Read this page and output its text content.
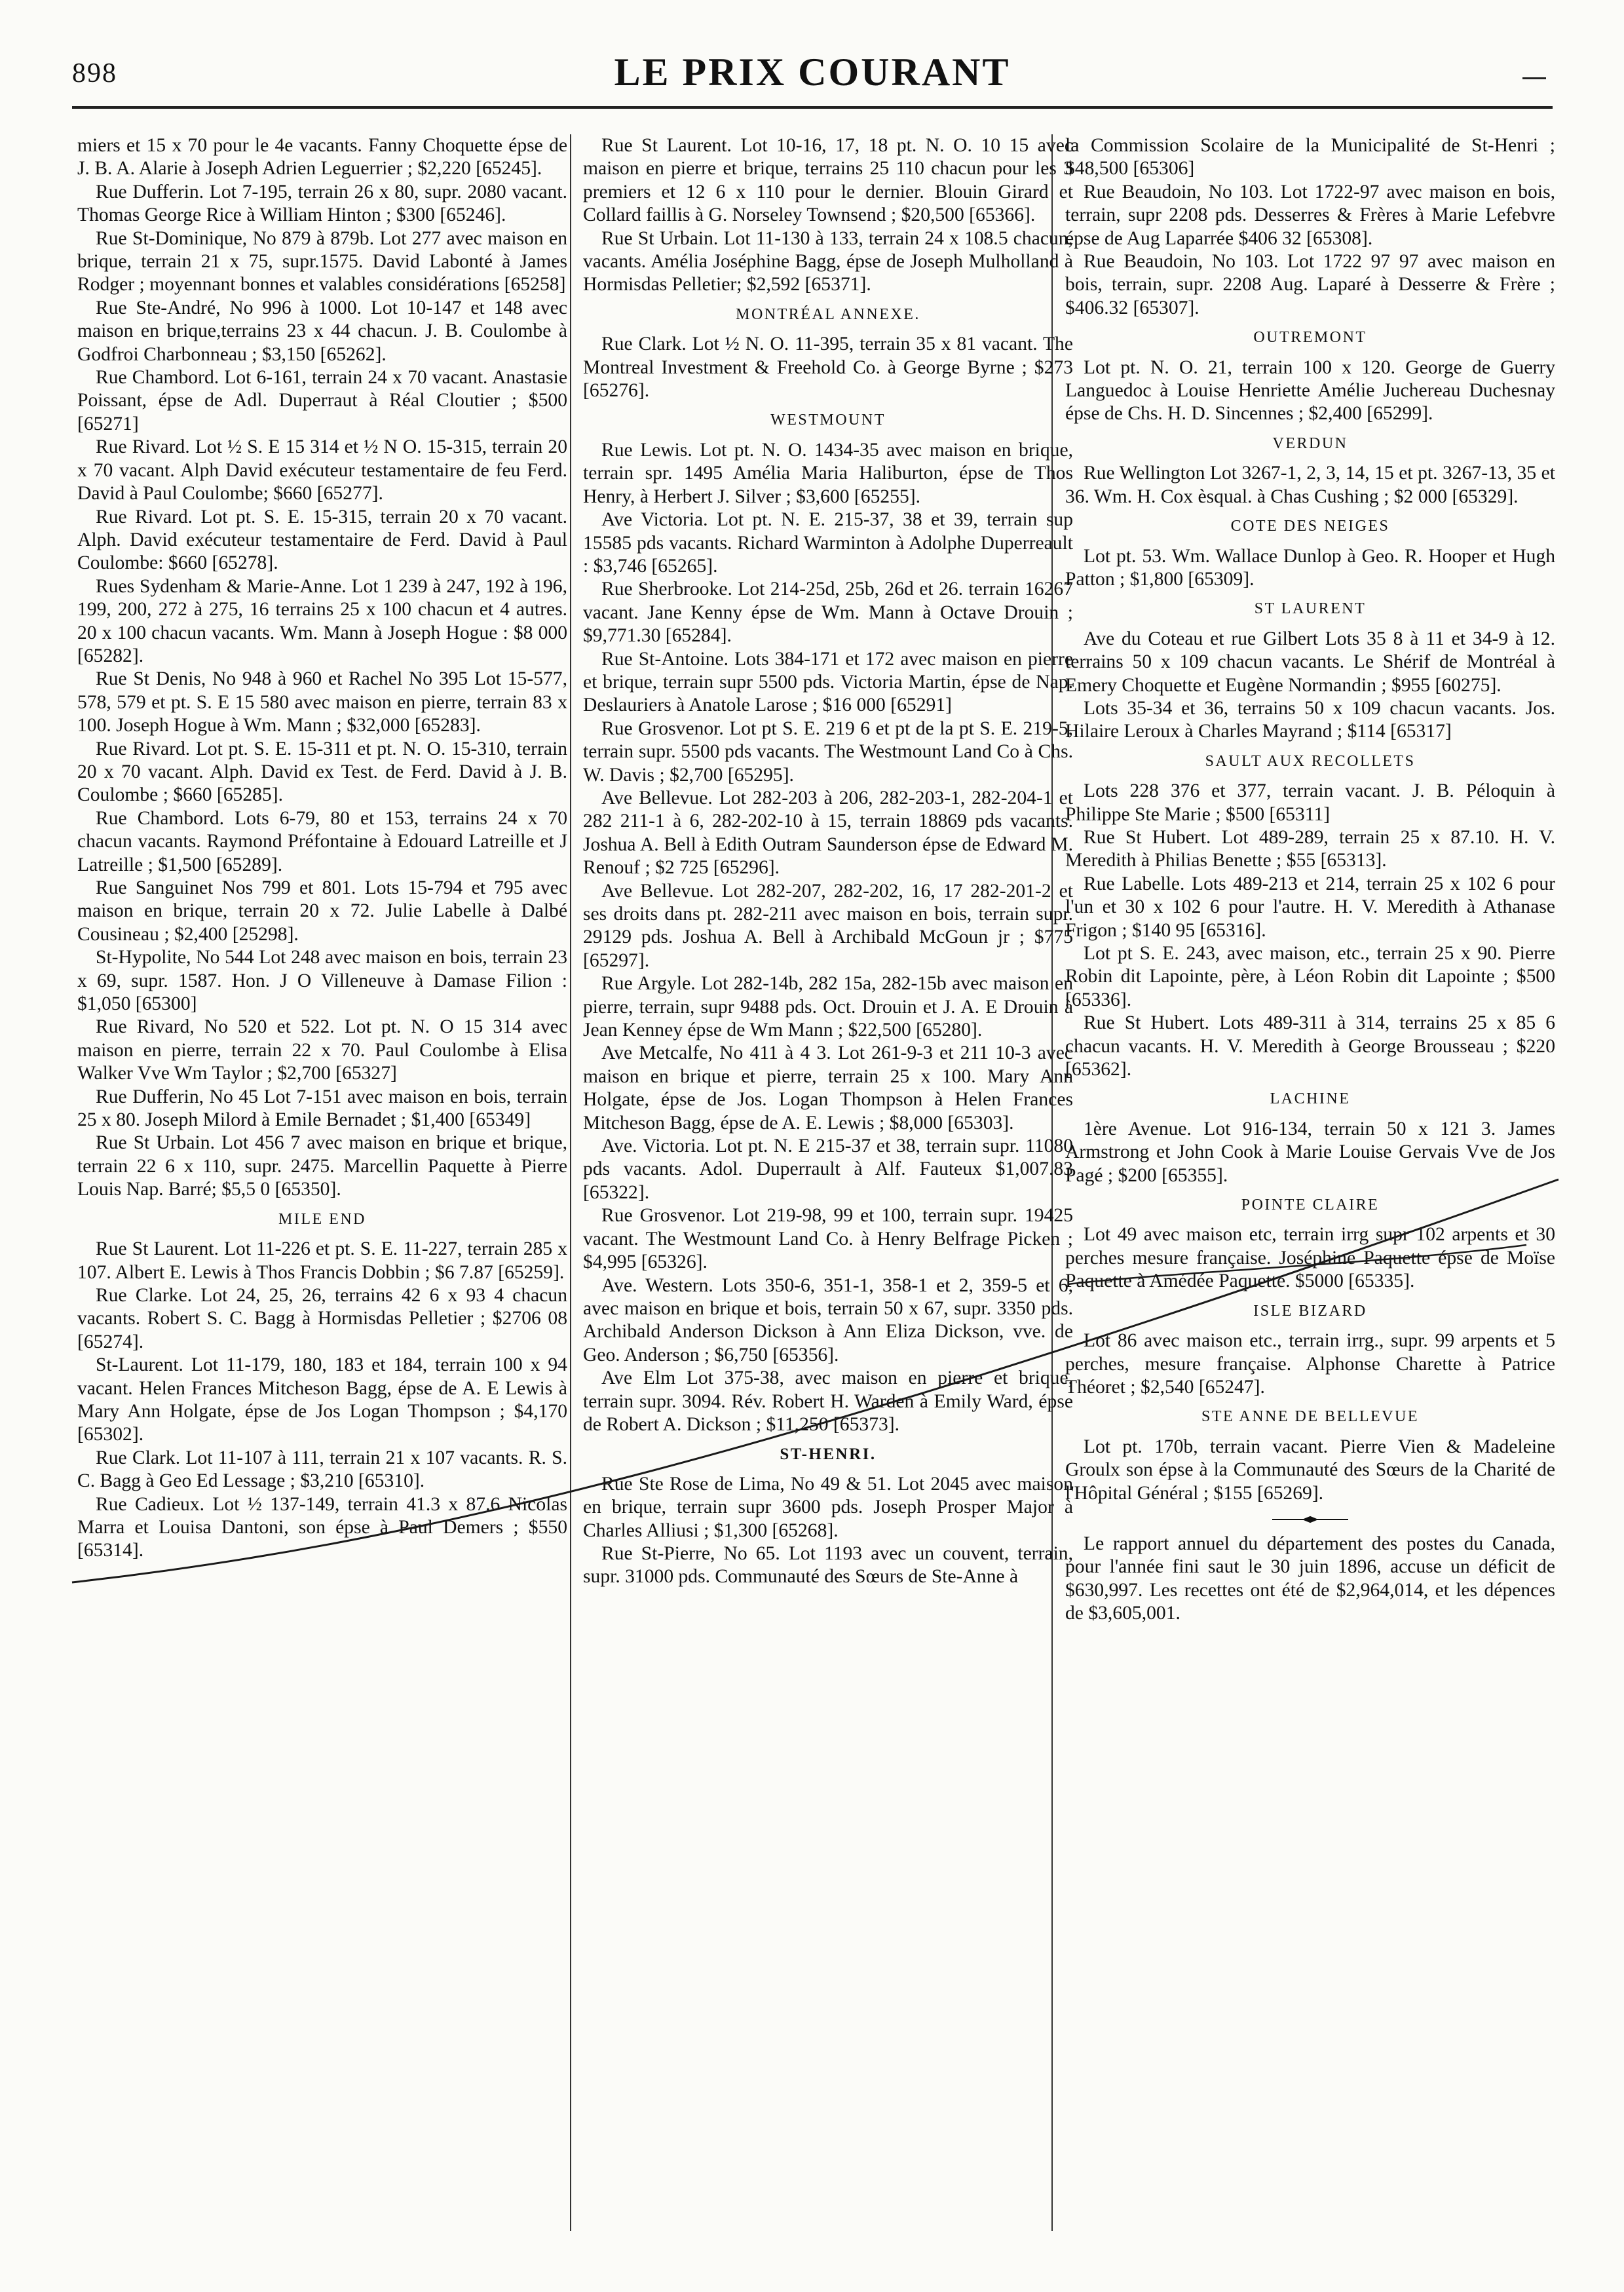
898	LE PRIX COURANT

miers et 15 x 70 pour le 4e vacants. Fanny Choquette épse de J. B. A. Alarie à Joseph Adrien Leguerrier ; $2,220 [65245].

Rue Dufferin. Lot 7-195, terrain 26 x 80, supr. 2080 vacant. Thomas George Rice à William Hinton ; $300 [65246].

Rue St-Dominique, No 879 à 879b. Lot 277 avec maison en brique, terrain 21 x 75, supr.1575. David Labonté à James Rodger ; moyennant bonnes et valables considérations [65258]

Rue Ste-André, No 996 à 1000. Lot 10-147 et 148 avec maison en brique,terrains 23 x 44 chacun. J. B. Coulombe à Godfroi Charbonneau ; $3,150 [65262].

Rue Chambord. Lot 6-161, terrain 24 x 70 vacant. Anastasie Poissant, épse de Adl. Duperraut à Réal Cloutier ; $500 [65271]

Rue Rivard. Lot ½ S. E 15 314 et ½ N O. 15-315, terrain 20 x 70 vacant. Alph David exécuteur testamentaire de feu Ferd. David à Paul Coulombe; $660 [65277].

Rue Rivard. Lot pt. S. E. 15-315, terrain 20 x 70 vacant. Alph. David exécuteur testamentaire de Ferd. David à Paul Coulombe: $660 [65278].

Rues Sydenham & Marie-Anne. Lot 1 239 à 247, 192 à 196, 199, 200, 272 à 275, 16 terrains 25 x 100 chacun et 4 autres. 20 x 100 chacun vacants. Wm. Mann à Joseph Hogue : $8 000 [65282].

Rue St Denis, No 948 à 960 et Rachel No 395 Lot 15-577, 578, 579 et pt. S. E 15 580 avec maison en pierre, terrain 83 x 100. Joseph Hogue à Wm. Mann ; $32,000 [65283].

Rue Rivard. Lot pt. S. E. 15-311 et pt. N. O. 15-310, terrain 20 x 70 vacant. Alph. David ex Test. de Ferd. David à J. B. Coulombe ; $660 [65285].

Rue Chambord. Lots 6-79, 80 et 153, terrains 24 x 70 chacun vacants. Raymond Préfontaine à Edouard Latreille et J Latreille ; $1,500 [65289].

Rue Sanguinet Nos 799 et 801. Lots 15-794 et 795 avec maison en brique, terrain 20 x 72. Julie Labelle à Dalbé Cousineau ; $2,400 [25298].

St-Hypolite, No 544 Lot 248 avec maison en bois, terrain 23 x 69, supr. 1587. Hon. J O Villeneuve à Damase Filion : $1,050 [65300]

Rue Rivard, No 520 et 522. Lot pt. N. O 15 314 avec maison en pierre, terrain 22 x 70. Paul Coulombe à Elisa Walker Vve Wm Taylor ; $2,700 [65327]

Rue Dufferin, No 45 Lot 7-151 avec maison en bois, terrain 25 x 80. Joseph Milord à Emile Bernadet ; $1,400 [65349]

Rue St Urbain. Lot 456 7 avec maison en brique et brique, terrain 22 6 x 110, supr. 2475. Marcellin Paquette à Pierre Louis Nap. Barré; $5,5 0 [65350].

MILE END

Rue St Laurent. Lot 11-226 et pt. S. E. 11-227, terrain 285 x 107. Albert E. Lewis à Thos Francis Dobbin ; $6 7.87 [65259].

Rue Clarke. Lot 24, 25, 26, terrains 42 6 x 93 4 chacun vacants. Robert S. C. Bagg à Hormisdas Pelletier ; $2706 08 [65274].

St-Laurent. Lot 11-179, 180, 183 et 184, terrain 100 x 94 vacant. Helen Frances Mitcheson Bagg, épse de A. E Lewis à Mary Ann Holgate, épse de Jos Logan Thompson ; $4,170 [65302].

Rue Clark. Lot 11-107 à 111, terrain 21 x 107 vacants. R. S. C. Bagg à Geo Ed Lessage ; $3,210 [65310].

Rue Cadieux. Lot ½ 137-149, terrain 41.3 x 87.6 Nicolas Marra et Louisa Dantoni, son épse à Paul Demers ; $550 [65314].

Rue St Laurent. Lot 10-16, 17, 18 pt. N. O. 10 15 avec maison en pierre et brique, terrains 25 110 chacun pour les 3 premiers et 12 6 x 110 pour le dernier. Blouin Girard et Collard faillis à G. Norseley Townsend ; $20,500 [65366].

Rue St Urbain. Lot 11-130 à 133, terrain 24 x 108.5 chacun, vacants. Amélia Joséphine Bagg, épse de Joseph Mulholland à Hormisdas Pelletier; $2,592 [65371].

MONTRÉAL ANNEXE.

Rue Clark. Lot ½ N. O. 11-395, terrain 35 x 81 vacant. The Montreal Investment & Freehold Co. à George Byrne ; $273 [65276].

WESTMOUNT

Rue Lewis. Lot pt. N. O. 1434-35 avec maison en brique, terrain spr. 1495 Amélia Maria Haliburton, épse de Thos Henry, à Herbert J. Silver ; $3,600 [65255].

Ave Victoria. Lot pt. N. E. 215-37, 38 et 39, terrain sup 15585 pds vacants. Richard Warminton à Adolphe Duperreault : $3,746 [65265].

Rue Sherbrooke. Lot 214-25d, 25b, 26d et 26. terrain 16267 vacant. Jane Kenny épse de Wm. Mann à Octave Drouin ; $9,771.30 [65284].

Rue St-Antoine. Lots 384-171 et 172 avec maison en pierre et brique, terrain supr 5500 pds. Victoria Martin, épse de Nap. Deslauriers à Anatole Larose ; $16 000 [65291]

Rue Grosvenor. Lot pt S. E. 219 6 et pt de la pt S. E. 219-5, terrain supr. 5500 pds vacants. The Westmount Land Co à Chs. W. Davis ; $2,700 [65295].

Ave Bellevue. Lot 282-203 à 206, 282-203-1, 282-204-1 et 282 211-1 à 6, 282-202-10 à 15, terrain 18869 pds vacants. Joshua A. Bell à Edith Outram Saunderson épse de Edward M. Renouf ; $2 725 [65296].

Ave Bellevue. Lot 282-207, 282-202, 16, 17 282-201-2 et ses droits dans pt. 282-211 avec maison en bois, terrain supr. 29129 pds. Joshua A. Bell à Archibald McGoun jr ; $775 [65297].

Rue Argyle. Lot 282-14b, 282 15a, 282-15b avec maison en pierre, terrain, supr 9488 pds. Oct. Drouin et J. A. E Drouin à Jean Kenney épse de Wm Mann ; $22,500 [65280].

Ave Metcalfe, No 411 à 4 3. Lot 261-9-3 et 211 10-3 avec maison en brique et pierre, terrain 25 x 100. Mary Ann Holgate, épse de Jos. Logan Thompson à Helen Frances Mitcheson Bagg, épse de A. E. Lewis ; $8,000 [65303].

Ave. Victoria. Lot pt. N. E 215-37 et 38, terrain supr. 11080 pds vacants. Adol. Duperrault à Alf. Fauteux $1,007.83 [65322].

Rue Grosvenor. Lot 219-98, 99 et 100, terrain supr. 19425 vacant. The Westmount Land Co. à Henry Belfrage Picken ; $4,995 [65326].

Ave. Western. Lots 350-6, 351-1, 358-1 et 2, 359-5 et 6, avec maison en brique et bois, terrain 50 x 67, supr. 3350 pds. Archibald Anderson Dickson à Ann Eliza Dickson, vve. de Geo. Anderson ; $6,750 [65356].

Ave Elm Lot 375-38, avec maison en pierre et brique, terrain supr. 3094. Rév. Robert H. Warden à Emily Ward, épse de Robert A. Dickson ; $11,250 [65373].

ST-HENRI.

Rue Ste Rose de Lima, No 49 & 51. Lot 2045 avec maison en brique, terrain supr 3600 pds. Joseph Prosper Major à Charles Alliusi ; $1,300 [65268].

Rue St-Pierre, No 65. Lot 1193 avec un couvent, terrain, supr. 31000 pds. Communauté des Sœurs de Ste-Anne à

la Commission Scolaire de la Municipalité de St-Henri ; $48,500 [65306]

Rue Beaudoin, No 103. Lot 1722-97 avec maison en bois, terrain, supr 2208 pds. Desserres & Frères à Marie Lefebvre épse de Aug Laparrée $406 32 [65308].

Rue Beaudoin, No 103. Lot 1722 97 97 avec maison en bois, terrain, supr. 2208 Aug. Laparé à Desserre & Frère ; $406.32 [65307].

OUTREMONT

Lot pt. N. O. 21, terrain 100 x 120. George de Guerry Languedoc à Louise Henriette Amélie Juchereau Duchesnay épse de Chs. H. D. Sincennes ; $2,400 [65299].

VERDUN

Rue Wellington Lot 3267-1, 2, 3, 14, 15 et pt. 3267-13, 35 et 36. Wm. H. Cox èsqual. à Chas Cushing ; $2 000 [65329].

COTE DES NEIGES

Lot pt. 53. Wm. Wallace Dunlop à Geo. R. Hooper et Hugh Patton ; $1,800 [65309].

ST LAURENT

Ave du Coteau et rue Gilbert Lots 35 8 à 11 et 34-9 à 12. terrains 50 x 109 chacun vacants. Le Shérif de Montréal à Emery Choquette et Eugène Normandin ; $955 [60275].

Lots 35-34 et 36, terrains 50 x 109 chacun vacants. Jos. Hilaire Leroux à Charles Mayrand ; $114 [65317]

SAULT AUX RECOLLETS

Lots 228 376 et 377, terrain vacant. J. B. Péloquin à Philippe Ste Marie ; $500 [65311]

Rue St Hubert. Lot 489-289, terrain 25 x 87.10. H. V. Meredith à Philias Benette ; $55 [65313].

Rue Labelle. Lots 489-213 et 214, terrain 25 x 102 6 pour l'un et 30 x 102 6 pour l'autre. H. V. Meredith à Athanase Frigon ; $140 95 [65316].

Lot pt S. E. 243, avec maison, etc., terrain 25 x 90. Pierre Robin dit Lapointe, père, à Léon Robin dit Lapointe ; $500 [65336].

Rue St Hubert. Lots 489-311 à 314, terrains 25 x 85 6 chacun vacants. H. V. Meredith à George Brousseau ; $220 [65362].

LACHINE

1ère Avenue. Lot 916-134, terrain 50 x 121 3. James Armstrong et John Cook à Marie Louise Gervais Vve de Jos Pagé ; $200 [65355].

POINTE CLAIRE

Lot 49 avec maison etc, terrain irrg supr 102 arpents et 30 perches mesure française. Joséphine Paquette épse de Moïse Paquette à Amédée Paquette. $5000 [65335].

ISLE BIZARD

Lot 86 avec maison etc., terrain irrg., supr. 99 arpents et 5 perches, mesure française. Alphonse Charette à Patrice Théoret ; $2,540 [65247].

STE ANNE DE BELLEVUE

Lot pt. 170b, terrain vacant. Pierre Vien & Madeleine Groulx son épse à la Communauté des Sœurs de la Charité de l'Hôpital Général ; $155 [65269].

Le rapport annuel du département des postes du Canada, pour l'année fini saut le 30 juin 1896, accuse un déficit de $630,997. Les recettes ont été de $2,964,014, et les dépences de $3,605,001.
